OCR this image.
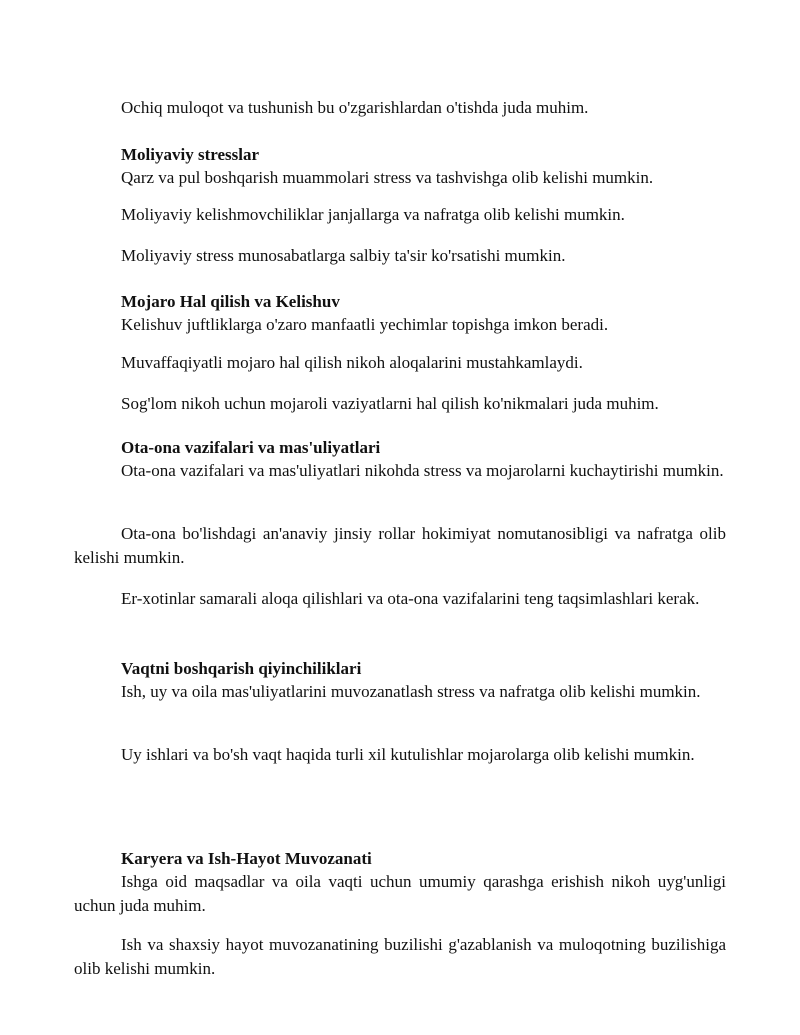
Ochiq muloqot va tushunish bu o'zgarishlardan o'tishda juda muhim.

Moliyaviy stresslar

Qarz va pul boshqarish muammolari stress va tashvishga olib kelishi mumkin.

Moliyaviy kelishmovchiliklar janjallarga va nafratga olib kelishi mumkin.

Moliyaviy stress munosabatlarga salbiy ta'sir ko'rsatishi mumkin.

Mojaro Hal qilish va Kelishuv

Kelishuv juftliklarga o'zaro manfaatli yechimlar topishga imkon beradi.

Muvaffaqiyatli mojaro hal qilish nikoh aloqalarini mustahkamlaydi.

Sog'lom nikoh uchun mojaroli vaziyatlarni hal qilish ko'nikmalari juda muhim.

Ota-ona vazifalari va mas'uliyatlari

Ota-ona vazifalari va mas'uliyatlari nikohda stress va mojarolarni kuchaytirishi mumkin.

Ota-ona bo'lishdagi an'anaviy jinsiy rollar hokimiyat nomutanosibligi va nafratga olib kelishi mumkin.

Er-xotinlar samarali aloqa qilishlari va ota-ona vazifalarini teng taqsimlashlari kerak.

Vaqtni boshqarish qiyinchiliklari

Ish, uy va oila mas'uliyatlarini muvozanatlash stress va nafratga olib kelishi mumkin.

Uy ishlari va bo'sh vaqt haqida turli xil kutulishlar mojarolarga olib kelishi mumkin.

Karyera va Ish-Hayot Muvozanati

Ishga oid maqsadlar va oila vaqti uchun umumiy qarashga erishish nikoh uyg'unligi uchun juda muhim.

Ish va shaxsiy hayot muvozanatining buzilishi g'azablanish va muloqotning buzilishiga olib kelishi mumkin.
